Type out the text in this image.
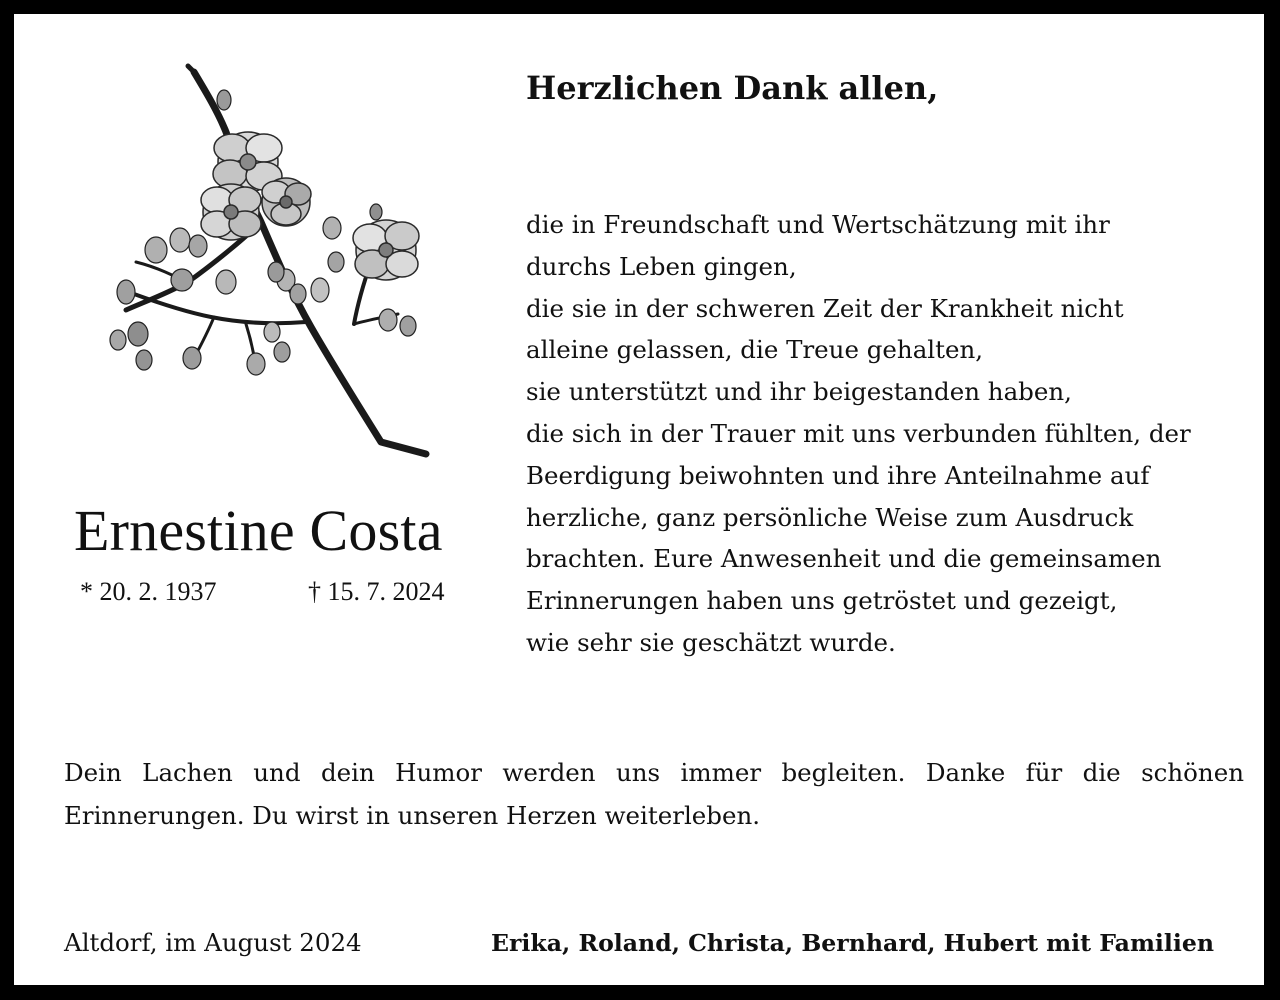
Ernestine Costa
* 20. 2. 1937	† 15. 7. 2024
Herzlichen Dank allen,
die in Freundschaft und Wertschätzung mit ihr
durchs Leben gingen,
die sie in der schweren Zeit der Krankheit nicht
alleine gelassen, die Treue gehalten,
sie unterstützt und ihr beigestanden haben,
die sich in der Trauer mit uns verbunden fühlten, der
Beerdigung beiwohnten und ihre Anteilnahme auf
herzliche, ganz persönliche Weise zum Ausdruck
brachten. Eure Anwesenheit und die gemeinsamen
Erinnerungen haben uns getröstet und gezeigt,
wie sehr sie geschätzt wurde.
Dein Lachen und dein Humor werden uns immer begleiten. Danke für die schönen Erinnerungen. Du wirst in unseren Herzen weiterleben.
Altdorf, im August 2024	Erika, Roland, Christa, Bernhard, Hubert mit Familien
